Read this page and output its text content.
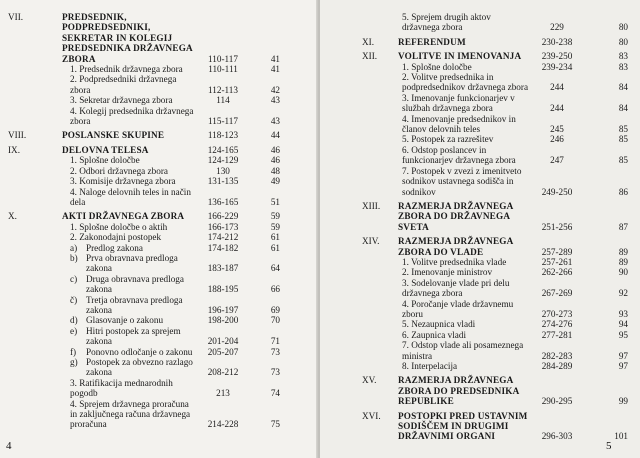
VII.	PREDSEDNIK, PODPREDSEDNIKI, SEKRETAR IN KOLEGIJ PREDSEDNIKA DRŽAVNEGA ZBORA	110-117	41
1. Predsednik državnega zbora	110-111	41
2. Podpredsedniki državnega zbora	112-113	42
3. Sekretar državnega zbora	114	43
4. Kolegij predsednika državnega zbora	115-117	43
VIII.	POSLANSKE SKUPINE	118-123	44
IX.	DELOVNA TELESA	124-165	46
1. Splošne določbe	124-129	46
2. Odbori državnega zbora	130	48
3. Komisije državnega zbora	131-135	49
4. Naloge delovnih teles in način dela	136-165	51
X.	AKTI DRŽAVNEGA ZBORA	166-229	59
1. Splošne določbe o aktih	166-173	59
2. Zakonodajni postopek	174-212	61
a) Predlog zakona	174-182	61
b) Prva obravnava predloga zakona	183-187	64
c) Druga obravnava predloga zakona	188-195	66
č) Tretja obravnava predloga zakona	196-197	69
d) Glasovanje o zakonu	198-200	70
e) Hitri postopek za sprejem zakona	201-204	71
f) Ponovno odločanje o zakonu	205-207	73
g) Postopek za obvezno razlago zakona	208-212	73
3. Ratifikacija mednarodnih pogodb	213	74
4. Sprejem državnega proračuna in zaključnega računa državnega proračuna	214-228	75
4
5. Sprejem drugih aktov državnega zbora	229	80
XI.	REFERENDUM	230-238	80
XII. VOLITVE IN IMENOVANJA	239-250	83
1. Splošne določbe	239-234	83
2. Volitve predsednika in podpredsednikov državnega zbora	244	84
3. Imenovanje funkcionarjev v službah državnega zbora	244	84
4. Imenovanje predsednikov in članov delovnih teles	245	85
5. Postopek za razrešitev	246	85
6. Odstop poslancev in funkcionarjev državnega zbora	247	85
7. Postopek v zvezi z imenitveto sodnikov ustavnega sodišča in sodnikov	249-250	86
XIII. RAZMERJA DRŽAVNEGA ZBORA DO DRŽAVNEGA SVETA	251-256	87
XIV. RAZMERJA DRŽAVNEGA ZBORA DO VLADE	257-289	89
1. Volitve predsednika vlade	257-261	89
2. Imenovanje ministrov	262-266	90
3. Sodelovanje vlade pri delu državnega zbora	267-269	92
4. Poročanje vlade državnemu zboru	270-273	93
5. Nezaupnica vladi	274-276	94
6. Zaupnica vladi	277-281	95
7. Odstop vlade ali posameznega ministra	282-283	97
8. Interpelacija	284-289	97
XV. RAZMERJA DRŽAVNEGA ZBORA DO PREDSEDNIKA REPUBLIKE	290-295	99
XVI. POSTOPKI PRED USTAVNIM SODIŠČEM IN DRUGIMI DRŽAVNIMI ORGANI	296-303	101
5
